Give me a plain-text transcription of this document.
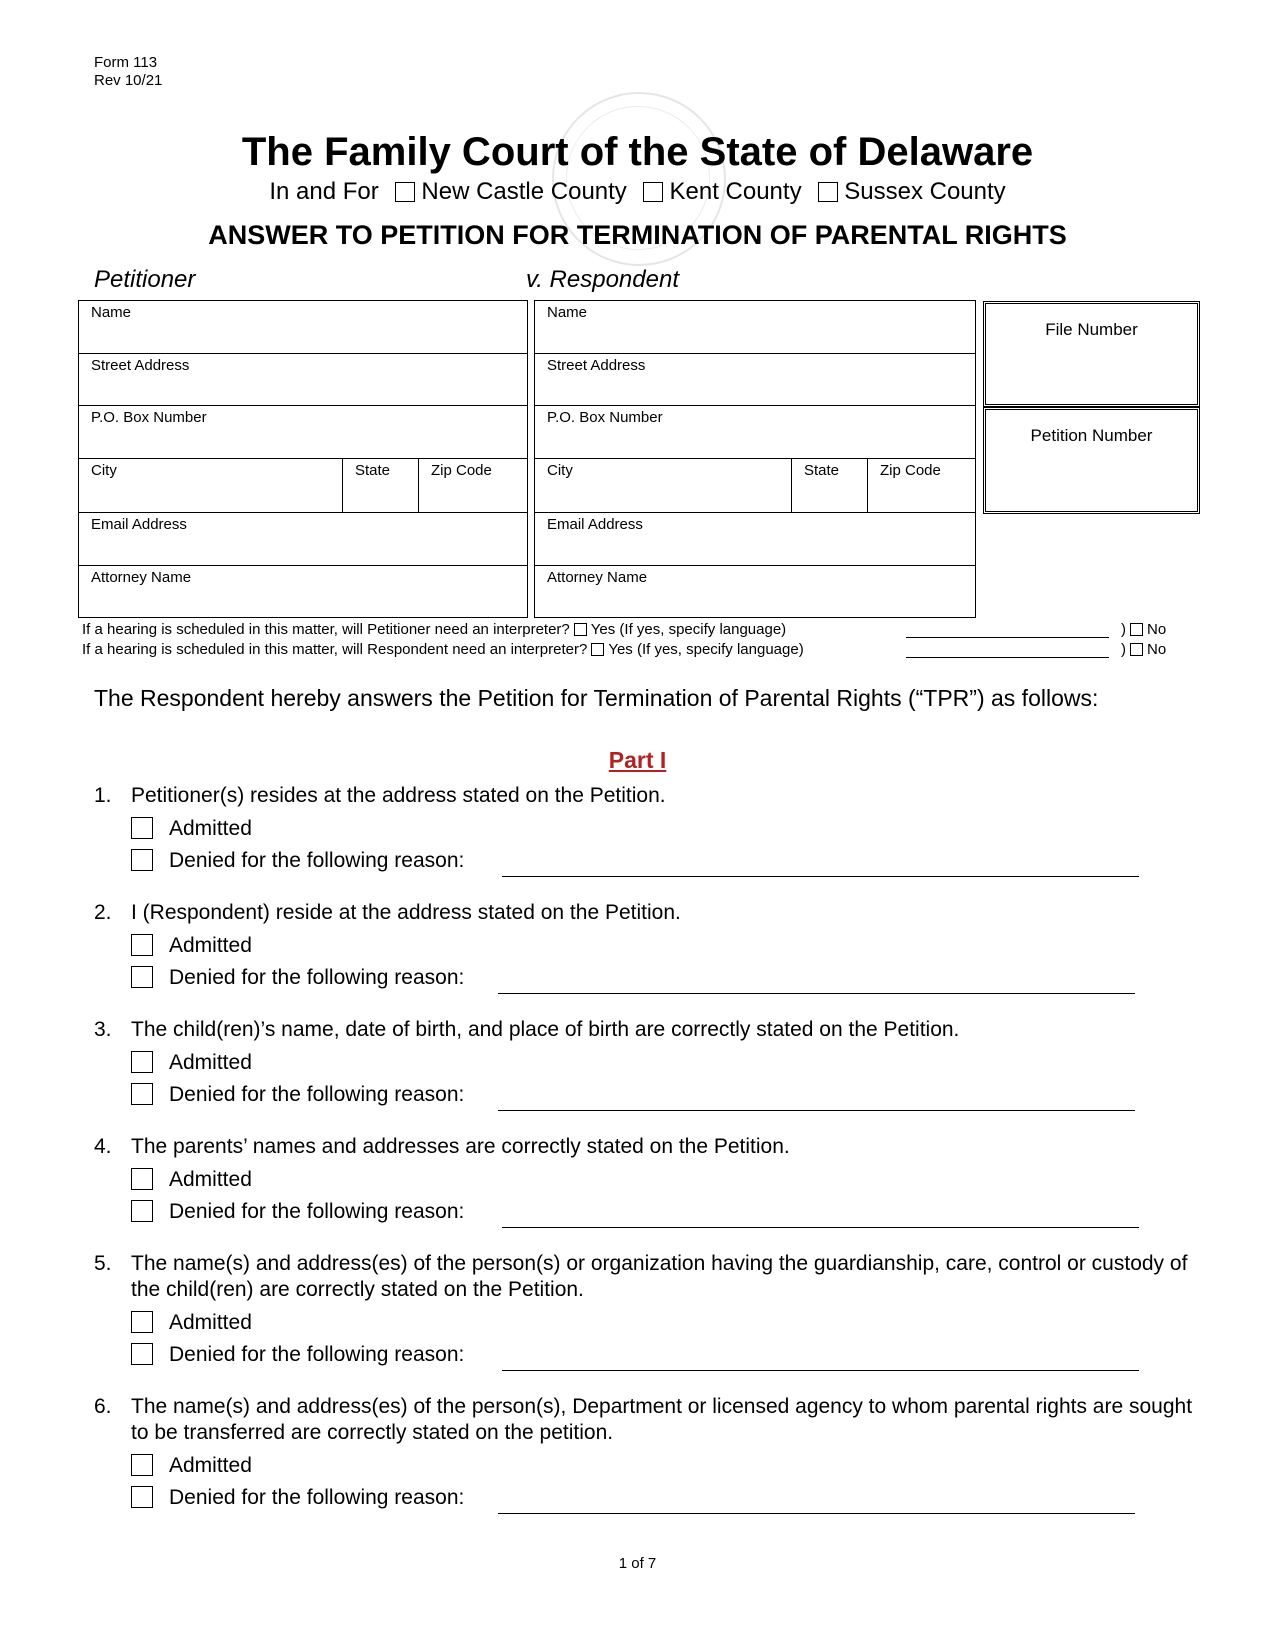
Form 113
Rev 10/21
The Family Court of the State of Delaware
In and For New Castle County Kent County Sussex County
ANSWER TO PETITION FOR TERMINATION OF PARENTAL RIGHTS
Petitioner	v. Respondent
Name
Street Address
P.O. Box Number
City	State	Zip Code
Email Address
Attorney Name
Name
Street Address
P.O. Box Number
City	State	Zip Code
Email Address
Attorney Name
File Number
Petition Number
If a hearing is scheduled in this matter, will Petitioner need an interpreter? Yes (If yes, specify language)	) No
If a hearing is scheduled in this matter, will Respondent need an interpreter? Yes (If yes, specify language)	) No
The Respondent hereby answers the Petition for Termination of Parental Rights (“TPR”) as follows:
Part I
1. Petitioner(s) resides at the address stated on the Petition.
Admitted
Denied for the following reason:
2. I (Respondent) reside at the address stated on the Petition.
Admitted
Denied for the following reason:
3. The child(ren)’s name, date of birth, and place of birth are correctly stated on the Petition.
Admitted
Denied for the following reason:
4. The parents’ names and addresses are correctly stated on the Petition.
Admitted
Denied for the following reason:
5. The name(s) and address(es) of the person(s) or organization having the guardianship, care, control or custody of the child(ren) are correctly stated on the Petition.
Admitted
Denied for the following reason:
6. The name(s) and address(es) of the person(s), Department or licensed agency to whom parental rights are sought to be transferred are correctly stated on the petition.
Admitted
Denied for the following reason:
1 of 7
